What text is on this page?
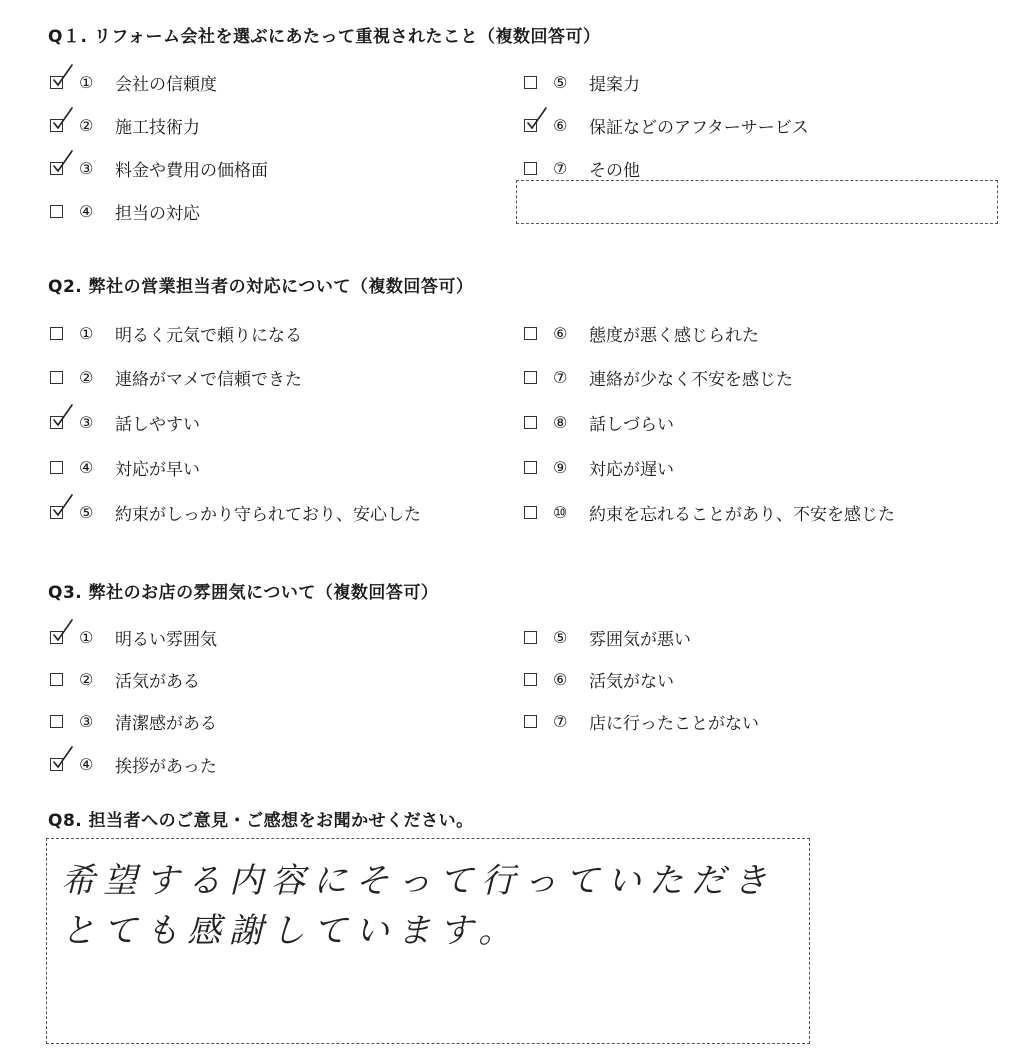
Q１. リフォーム会社を選ぶにあたって重視されたこと（複数回答可）
①	会社の信頼度
②	施工技術力
③	料金や費用の価格面
④	担当の対応
⑤	提案力
⑥	保証などのアフターサービス
⑦	その他
Q2. 弊社の営業担当者の対応について（複数回答可）
①	明るく元気で頼りになる
②	連絡がマメで信頼できた
③	話しやすい
④	対応が早い
⑤	約束がしっかり守られており、安心した
⑥	態度が悪く感じられた
⑦	連絡が少なく不安を感じた
⑧	話しづらい
⑨	対応が遅い
⑩	約束を忘れることがあり、不安を感じた
Q3. 弊社のお店の雰囲気について（複数回答可）
①	明るい雰囲気
②	活気がある
③	清潔感がある
④	挨拶があった
⑤	雰囲気が悪い
⑥	活気がない
⑦	店に行ったことがない
Q8. 担当者へのご意見・ご感想をお聞かせください。
希望する内容にそって行っていただき
とても感謝しています。
